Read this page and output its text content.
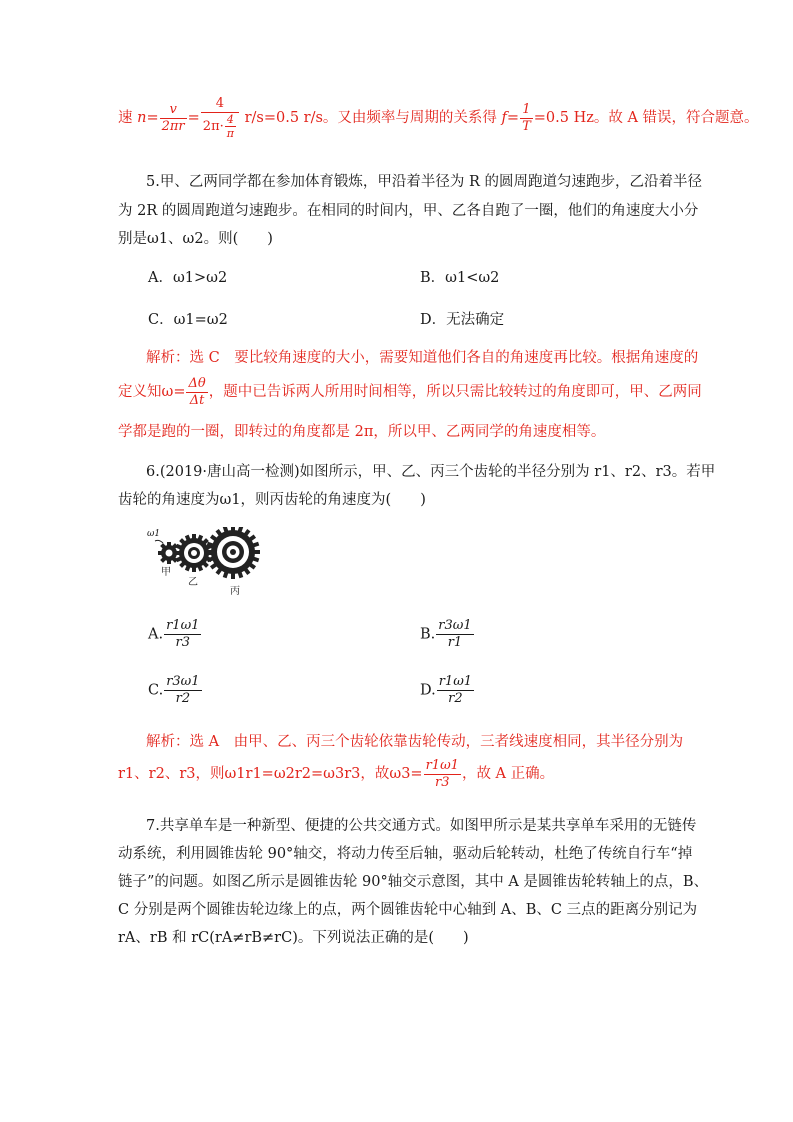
速 $n= \frac{v}{2\pi r} = \frac{4}{2\pi\cdot \frac{4}{\pi}} r/s=0.5$ r/s。又由频率与周期的关系得 $f= \frac{1}{T} =0.5$ Hz。故 A 错误，符合题意。
5.甲、乙两同学都在参加体育锻炼，甲沿着半径为 R 的圆周跑道匀速跑步，乙沿着半径
为 2R 的圆周跑道匀速跑步。在相同的时间内，甲、乙各自跑了一圈，他们的角速度大小分
别是ω1、ω2。则(　　)
A．ω1>ω2	B．ω1<ω2
C．ω1=ω2	D．无法确定
解析：选 C　要比较角速度的大小，需要知道他们各自的角速度再比较。根据角速度的
定义知$\omega= \frac{\Delta\theta}{\Delta t}$ ，题中已告诉两人所用时间相等，所以只需比较转过的角度即可，甲、乙两同
学都是跑的一圈，即转过的角度都是 2π，所以甲、乙两同学的角速度相等。
6.(2019·唐山高一检测)如图所示，甲、乙、丙三个齿轮的半径分别为 r1、r2、r3。若甲
齿轮的角速度为ω1，则丙齿轮的角速度为(　　)
ω1
甲
乙
丙
A. $\frac{r1\omega 1}{r3}$	B. $\frac{r3\omega 1}{r1}$
C. $\frac{r3\omega 1}{r2}$	D. $\frac{r1\omega 1}{r2}$
解析：选 A　由甲、乙、丙三个齿轮依靠齿轮传动，三者线速度相同，其半径分别为
r1、r2、r3，则ω1r1=ω2r2=ω3r3，故$\omega 3= \frac{r1\omega 1}{r3}$ ，故 A 正确。
7.共享单车是一种新型、便捷的公共交通方式。如图甲所示是某共享单车采用的无链传
动系统，利用圆锥齿轮 90°轴交，将动力传至后轴，驱动后轮转动，杜绝了传统自行车“掉
链子”的问题。如图乙所示是圆锥齿轮 90°轴交示意图，其中 A 是圆锥齿轮转轴上的点，B、
C 分别是两个圆锥齿轮边缘上的点，两个圆锥齿轮中心轴到 A、B、C 三点的距离分别记为
rA、rB 和 rC(rA≠rB≠rC)。下列说法正确的是(　　)
